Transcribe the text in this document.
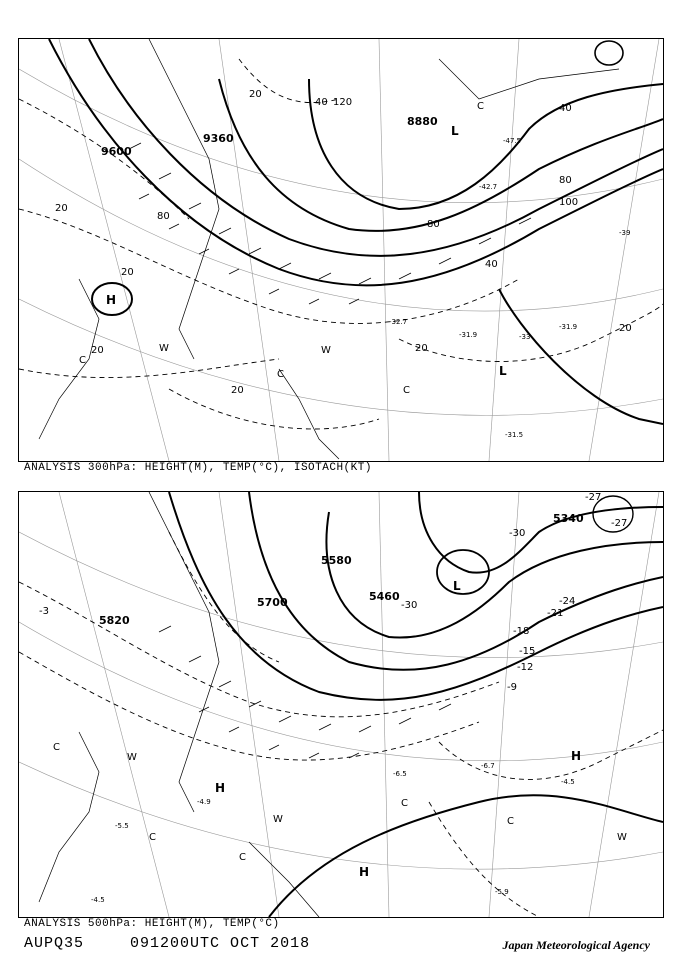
9600
9360
8880
20
20
20
20
20
20
20
40
40
40
80
80
80
100
120
-31.9
-31.9
-32.7
-31.5
-33
-39
-47.5
-42.7
H
L
L
W	W
C
C
C
C
ANALYSIS 300hPa: HEIGHT(M), TEMP(°C), ISOTACH(KT)
5820
5700
5580
5460
5340
-3
-9
-12
-15
-18
-21
-24
-27
-27
-30
-30
-4.5
-4.5
-5.5
-6.5
-6.7
-5.9
-4.9
H
H
H
L
W
W
W
C
C
C
C
C
ANALYSIS 500hPa: HEIGHT(M), TEMP(°C)
AUPQ35	091200UTC OCT 2018	Japan Meteorological Agency
